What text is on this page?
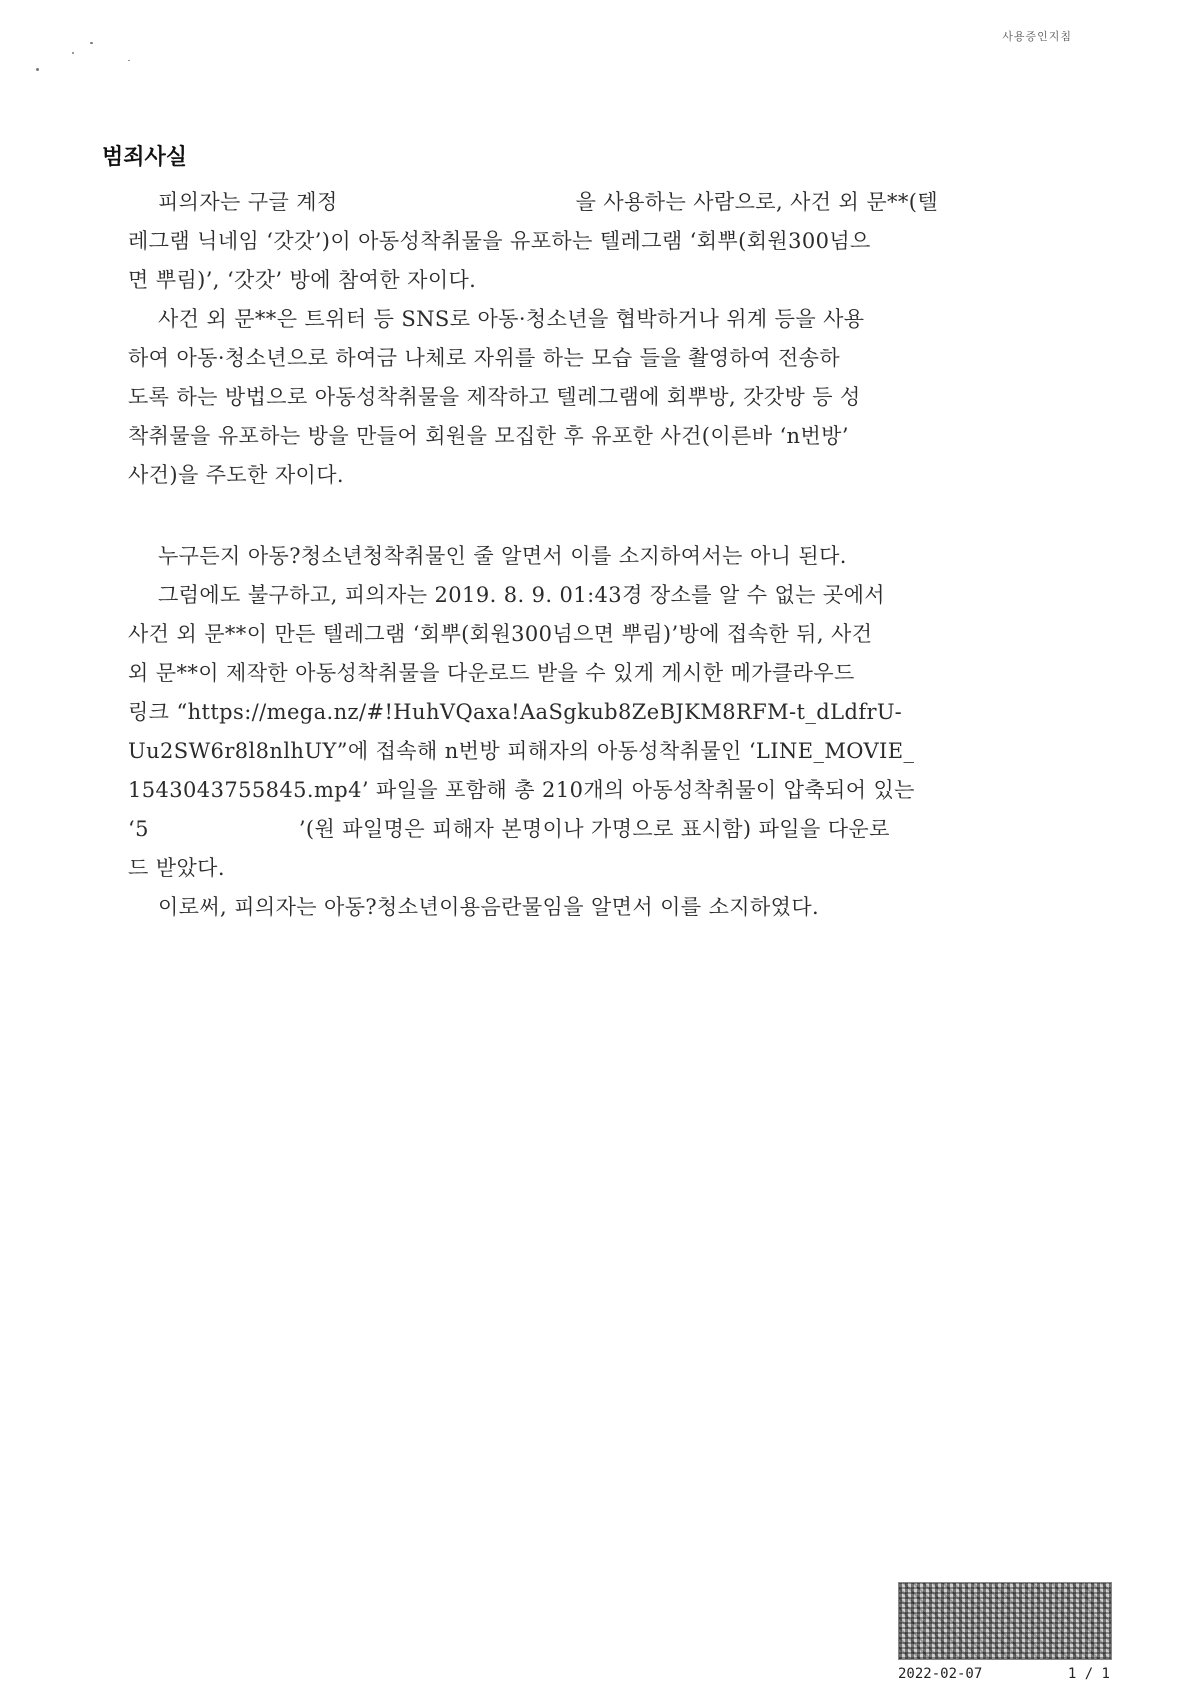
사용증인지침
범죄사실

피의자는 구글 계정	을 사용하는 사람으로, 사건 외 문**(텔

레그램 닉네임 ‘갓갓’)이 아동성착취물을 유포하는 텔레그램 ‘회뿌(회원300넘으

면 뿌림)’, ‘갓갓’ 방에 참여한 자이다.

사건 외 문**은 트위터 등 SNS로 아동·청소년을 협박하거나 위계 등을 사용

하여 아동·청소년으로 하여금 나체로 자위를 하는 모습 들을 촬영하여 전송하

도록 하는 방법으로 아동성착취물을 제작하고 텔레그램에 회뿌방, 갓갓방 등 성

착취물을 유포하는 방을 만들어 회원을 모집한 후 유포한 사건(이른바 ‘n번방’

사건)을 주도한 자이다.

누구든지 아동?청소년청착취물인 줄 알면서 이를 소지하여서는 아니 된다.

그럼에도 불구하고, 피의자는 2019. 8. 9. 01:43경 장소를 알 수 없는 곳에서

사건 외 문**이 만든 텔레그램 ‘회뿌(회원300넘으면 뿌림)’방에 접속한 뒤, 사건

외 문**이 제작한 아동성착취물을 다운로드 받을 수 있게 게시한 메가클라우드

링크 “https://mega.nz/#!HuhVQaxa!AaSgkub8ZeBJKM8RFM-t_dLdfrU-

Uu2SW6r8l8nlhUY”에 접속해 n번방 피해자의 아동성착취물인 ‘LINE_MOVIE_

1543043755845.mp4’ 파일을 포함해 총 210개의 아동성착취물이 압축되어 있는

‘5	’(원 파일명은 피해자 본명이나 가명으로 표시함) 파일을 다운로

드 받았다.

이로써, 피의자는 아동?청소년이용음란물임을 알면서 이를 소지하였다.

2022-02-07	1 / 1
